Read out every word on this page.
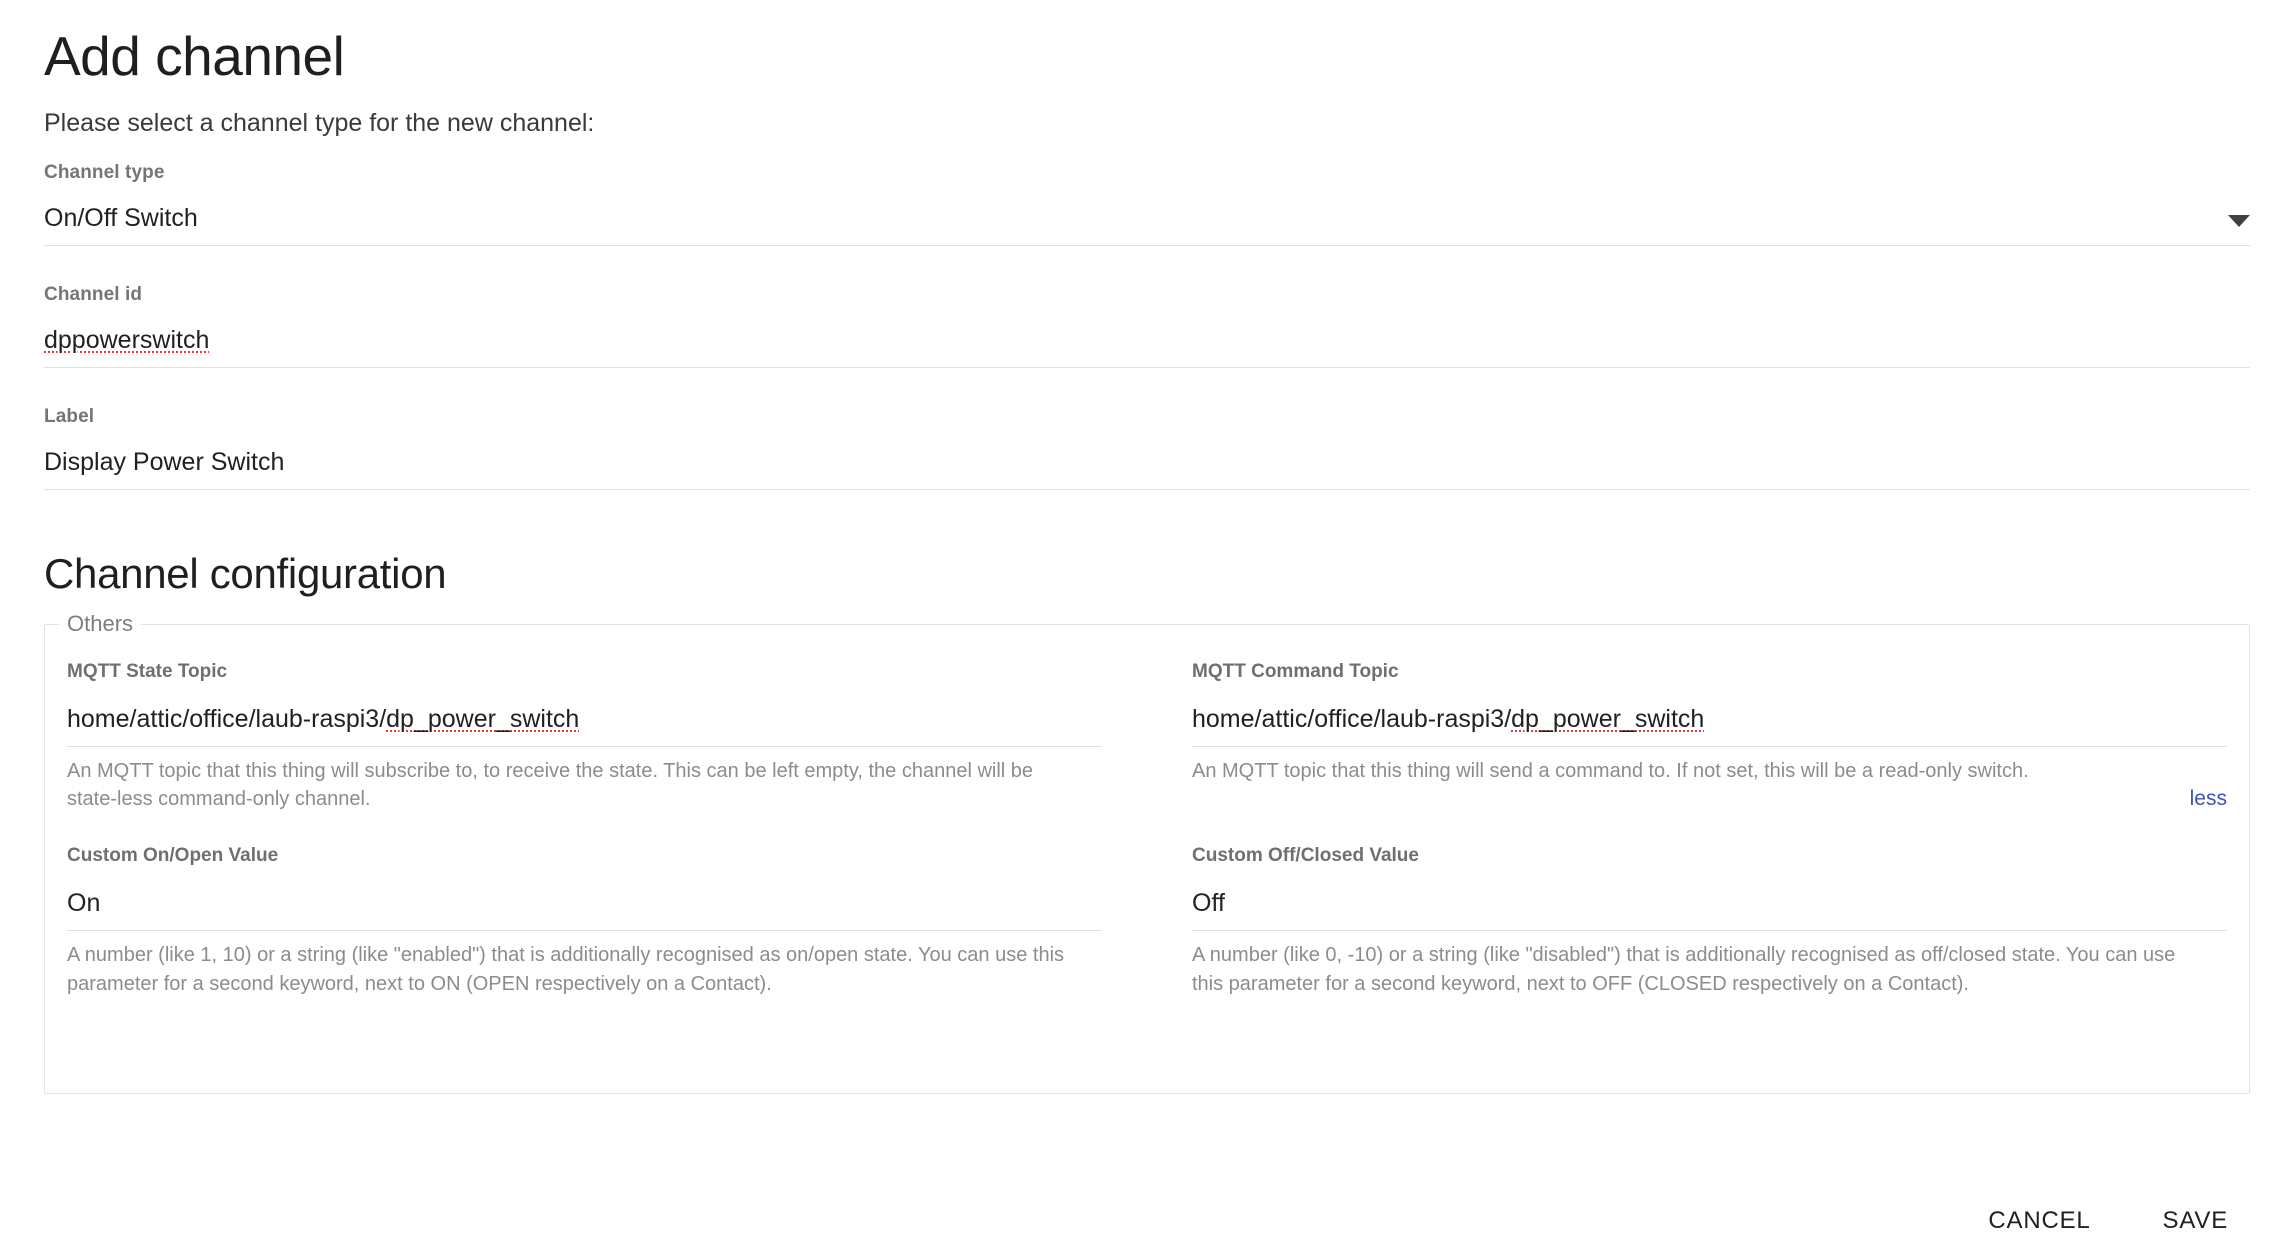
Add channel
Please select a channel type for the new channel:
Channel type
On/Off Switch
Channel id
dppowerswitch
Label
Display Power Switch
Channel configuration
Others
MQTT State Topic
home/attic/office/laub-raspi3/dp_power_switch
An MQTT topic that this thing will subscribe to, to receive the state. This can be left empty, the channel will be state-less command-only channel.
MQTT Command Topic
home/attic/office/laub-raspi3/dp_power_switch
An MQTT topic that this thing will send a command to. If not set, this will be a read-only switch.
less
Custom On/Open Value
On
A number (like 1, 10) or a string (like "enabled") that is additionally recognised as on/open state. You can use this parameter for a second keyword, next to ON (OPEN respectively on a Contact).
Custom Off/Closed Value
Off
A number (like 0, -10) or a string (like "disabled") that is additionally recognised as off/closed state. You can use this parameter for a second keyword, next to OFF (CLOSED respectively on a Contact).
CANCEL	SAVE
